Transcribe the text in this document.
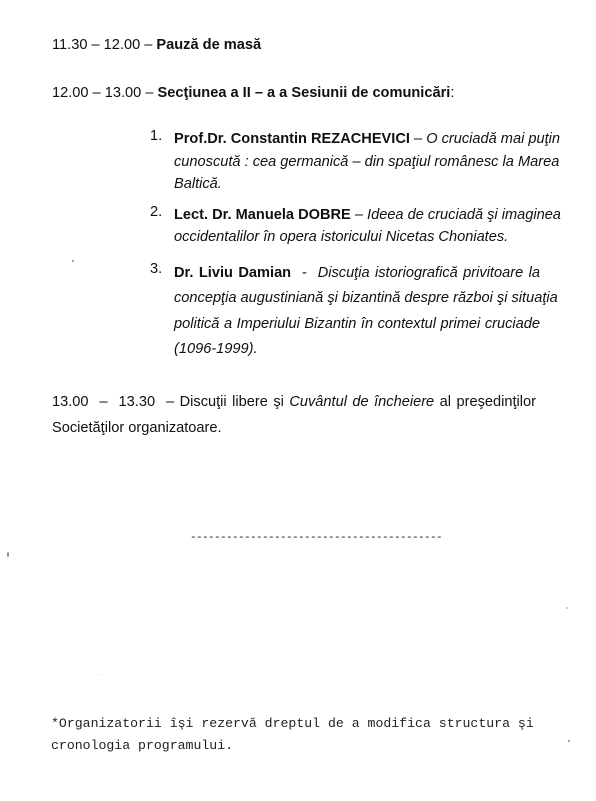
11.30 – 12.00 – Pauză de masă
12.00 – 13.00 – Secţiunea a II – a a Sesiunii de comunicări:
1. Prof.Dr. Constantin REZACHEVICI – O cruciadă mai puţin
cunoscută : cea germanică – din spaţiul românesc la Marea
Baltică.
2. Lect. Dr. Manuela DOBRE – Ideea de cruciadă şi imaginea
occidentalilor în opera istoricului Nicetas Choniates.
3. Dr. Liviu Damian  -  Discuţia istoriografică privitoare la
concepţia augustiniană şi bizantină despre război şi situaţia
politică a Imperiului Bizantin în contextul primei cruciade
(1096-1999).
13.00  –  13.30  – Discuţii libere şi Cuvântul de încheiere al preşedinţilor
Societăţilor organizatoare.
------------------------------------------
*Organizatorii îşi rezervă dreptul de a modifica structura şi
cronologia programului.
